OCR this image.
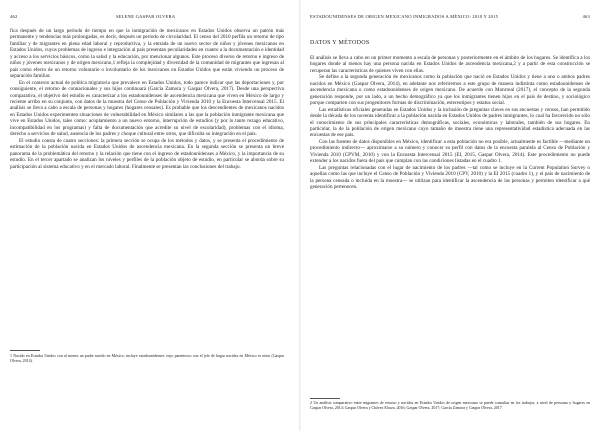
462	SELENE GASPAR OLVERA

fica después de un largo periodo de tiempo en que la inmigración de mexicanos en Estados Unidos observa un patrón más permanente y tendencias más prolongadas, es decir, después un período de circularidad. El censo del 2010 perfila un retorno de tipo familiar y de migrantes en plena edad laboral y reproductiva, y la entrada de un nuevo sector de niños y jóvenes mexicanos en Estados Unidos, cuyos problemas de ingreso e integración al país presentan peculiaridades en cuanto a la documentación e identidad y acceso a los servicios básicos, como la salud y la educación, por mencionar algunos. Este proceso diverso de retorno e ingreso de niños y jóvenes mexicanos y de origen mexicano,1 refleja la complejidad y diversidad de la comunidad de migrantes que ingresan al país como efecto de un retorno voluntario o involuntario de los mexicanos en Estados Unidos que están viviendo un proceso de separación familiar.

En el contexto actual de política migratoria que prevalece en Estados Unidos, todo parece indicar que las deportaciones y, por consiguiente, el retorno de connacionales y sus hijos continuará (García Zamora y Gaspar Olvera, 2017). Desde una perspectiva comparativa, el objetivo del estudio es caracterizar a los estadounidenses de ascendencia mexicana que viven en México de largo y reciente arribo en su conjunto, con datos de la muestra del Censo de Población y Vivienda 2010 y la Encuesta Intercensal 2015. El análisis se lleva a cabo a escala de personas y hogares (hogares censales). Es probable que los descendientes de mexicanos nacidos en Estados Unidos experimenten situaciones de vulnerabilidad en México similares a las que la población inmigrante mexicana que vive en Estados Unidos, tales como: acoplamiento a un nuevo entorno, interrupción de estudios (y por lo tanto rezago educativo, incompatibilidad en los programas) y falta de documentación que acredite su nivel de escolaridad), problemas con el idioma, derecho a servicios de salud, ausencia de los padres y choque cultural entre otros, que dificulta su integración en el país.

El estudio consta de cuatro secciones: la primera sección se ocupa de los métodos y datos, y se presenta el procedimiento de estimación de la población nacida en Estados Unidos de ascendencia mexicana. En la segunda sección se presenta un breve panorama de la problemática del retorno y la relación que tiene con el ingreso de estadounidenses a México, y la importancia de su estudio. En el tercer apartado se analizan los niveles y perfiles de la población objeto de estudio, en particular se aborda sobre su participación al sistema educativo y en el mercado laboral. Finalmente se presentan las conclusiones del trabajo.

1 Nacido en Estados Unidos con al menos un padre nacido en México, incluye estadounidenses cuyo parentesco con el jefe de hogar nacidos en México es nieto (Gaspar Olvera, 2014).
ESTADOUNIDENSES DE ORIGEN MEXICANO INMIGRADOS A MÉXICO: 2010 Y 2015	463
DATOS Y MÉTODOS

El análisis se lleva a cabo en un primer momento a escala de personas y posteriormente en el ámbito de los hogares. Se identifica a los hogares donde al menos hay una persona nacida en Estados Unidos de ascendencia mexicana,2 y a partir de esta construcción se recuperan las características de quienes viven con ellas.

Se define a la segunda generación de mexicanos como la población que nació en Estados Unidos y tiene a uno o ambos padres nacidos en México (Gaspar Olvera, 2014), en adelante nos referiremos a este grupo de manera indistinta como estadounidenses de ascendencia mexicana o como estadounidenses de origen mexicano. De acuerdo con Monrreal (2017), el concepto de la segunda generación responde, por un lado, a un hecho demográfico ya que los inmigrantes tienen hijos en el país de destino, y sociológico porque comparten con sus progenitores formas de discriminación, estereotipos y estatus social.

Las estadísticas oficiales generadas en Estados Unidos y la inclusión de preguntas claves en sus encuestas y censos, han permitido desde la década de los noventa identificar a la población nacida en Estados Unidos de padres inmigrantes, lo cual ha favorecido no sólo el conocimiento de sus principales características demográficas, sociales, económicas y laborales, también de sus hogares. En particular, la de la población de origen mexicano cuyo tamaño de muestra tiene una representatividad estadística adecuada en las encuestas de ese país.

Con las fuentes de datos disponibles en México, identificar a esta población no era posible, actualmente es factible —mediante un procedimiento indirecto— aproximarse a su número y conocer su perfil con datos de la encuesta paralela al Censo de Población y Vivienda 2010 (CPVM, 2010) y con la Encuesta Intercensal 2015 (EI, 2015, Gaspar Olvera, 2014). Este procedimiento no puede extender a los nacidos fuera del país que cumplan con las condiciones listadas en el cuadro 1.

Las preguntas relacionadas con el lugar de nacimiento de los padres —tal como se incluye en la Current Population Survey o aquellas como las que incluye el Censo de Población y Vivienda 2010 (CPV, 2010) y la EI 2015 (cuadro 1), y el país de nacimiento de la persona censada o incluida en la muestra— se utilizan para identificar la ascendencia de las personas y permiten identificar a qué generación pertenecen.

2 Un análisis comparativo entre migrantes de retorno y nacidos en Estados Unidos de origen mexicano se puede consultar en los trabajos, a nivel de personas y hogares en Gaspar Olvera, 2014; Gaspar Olvera y Chávez Elorza, 2016; Gaspar Olvera, 2017; García Zamora y Gaspar Olvera, 2017.
